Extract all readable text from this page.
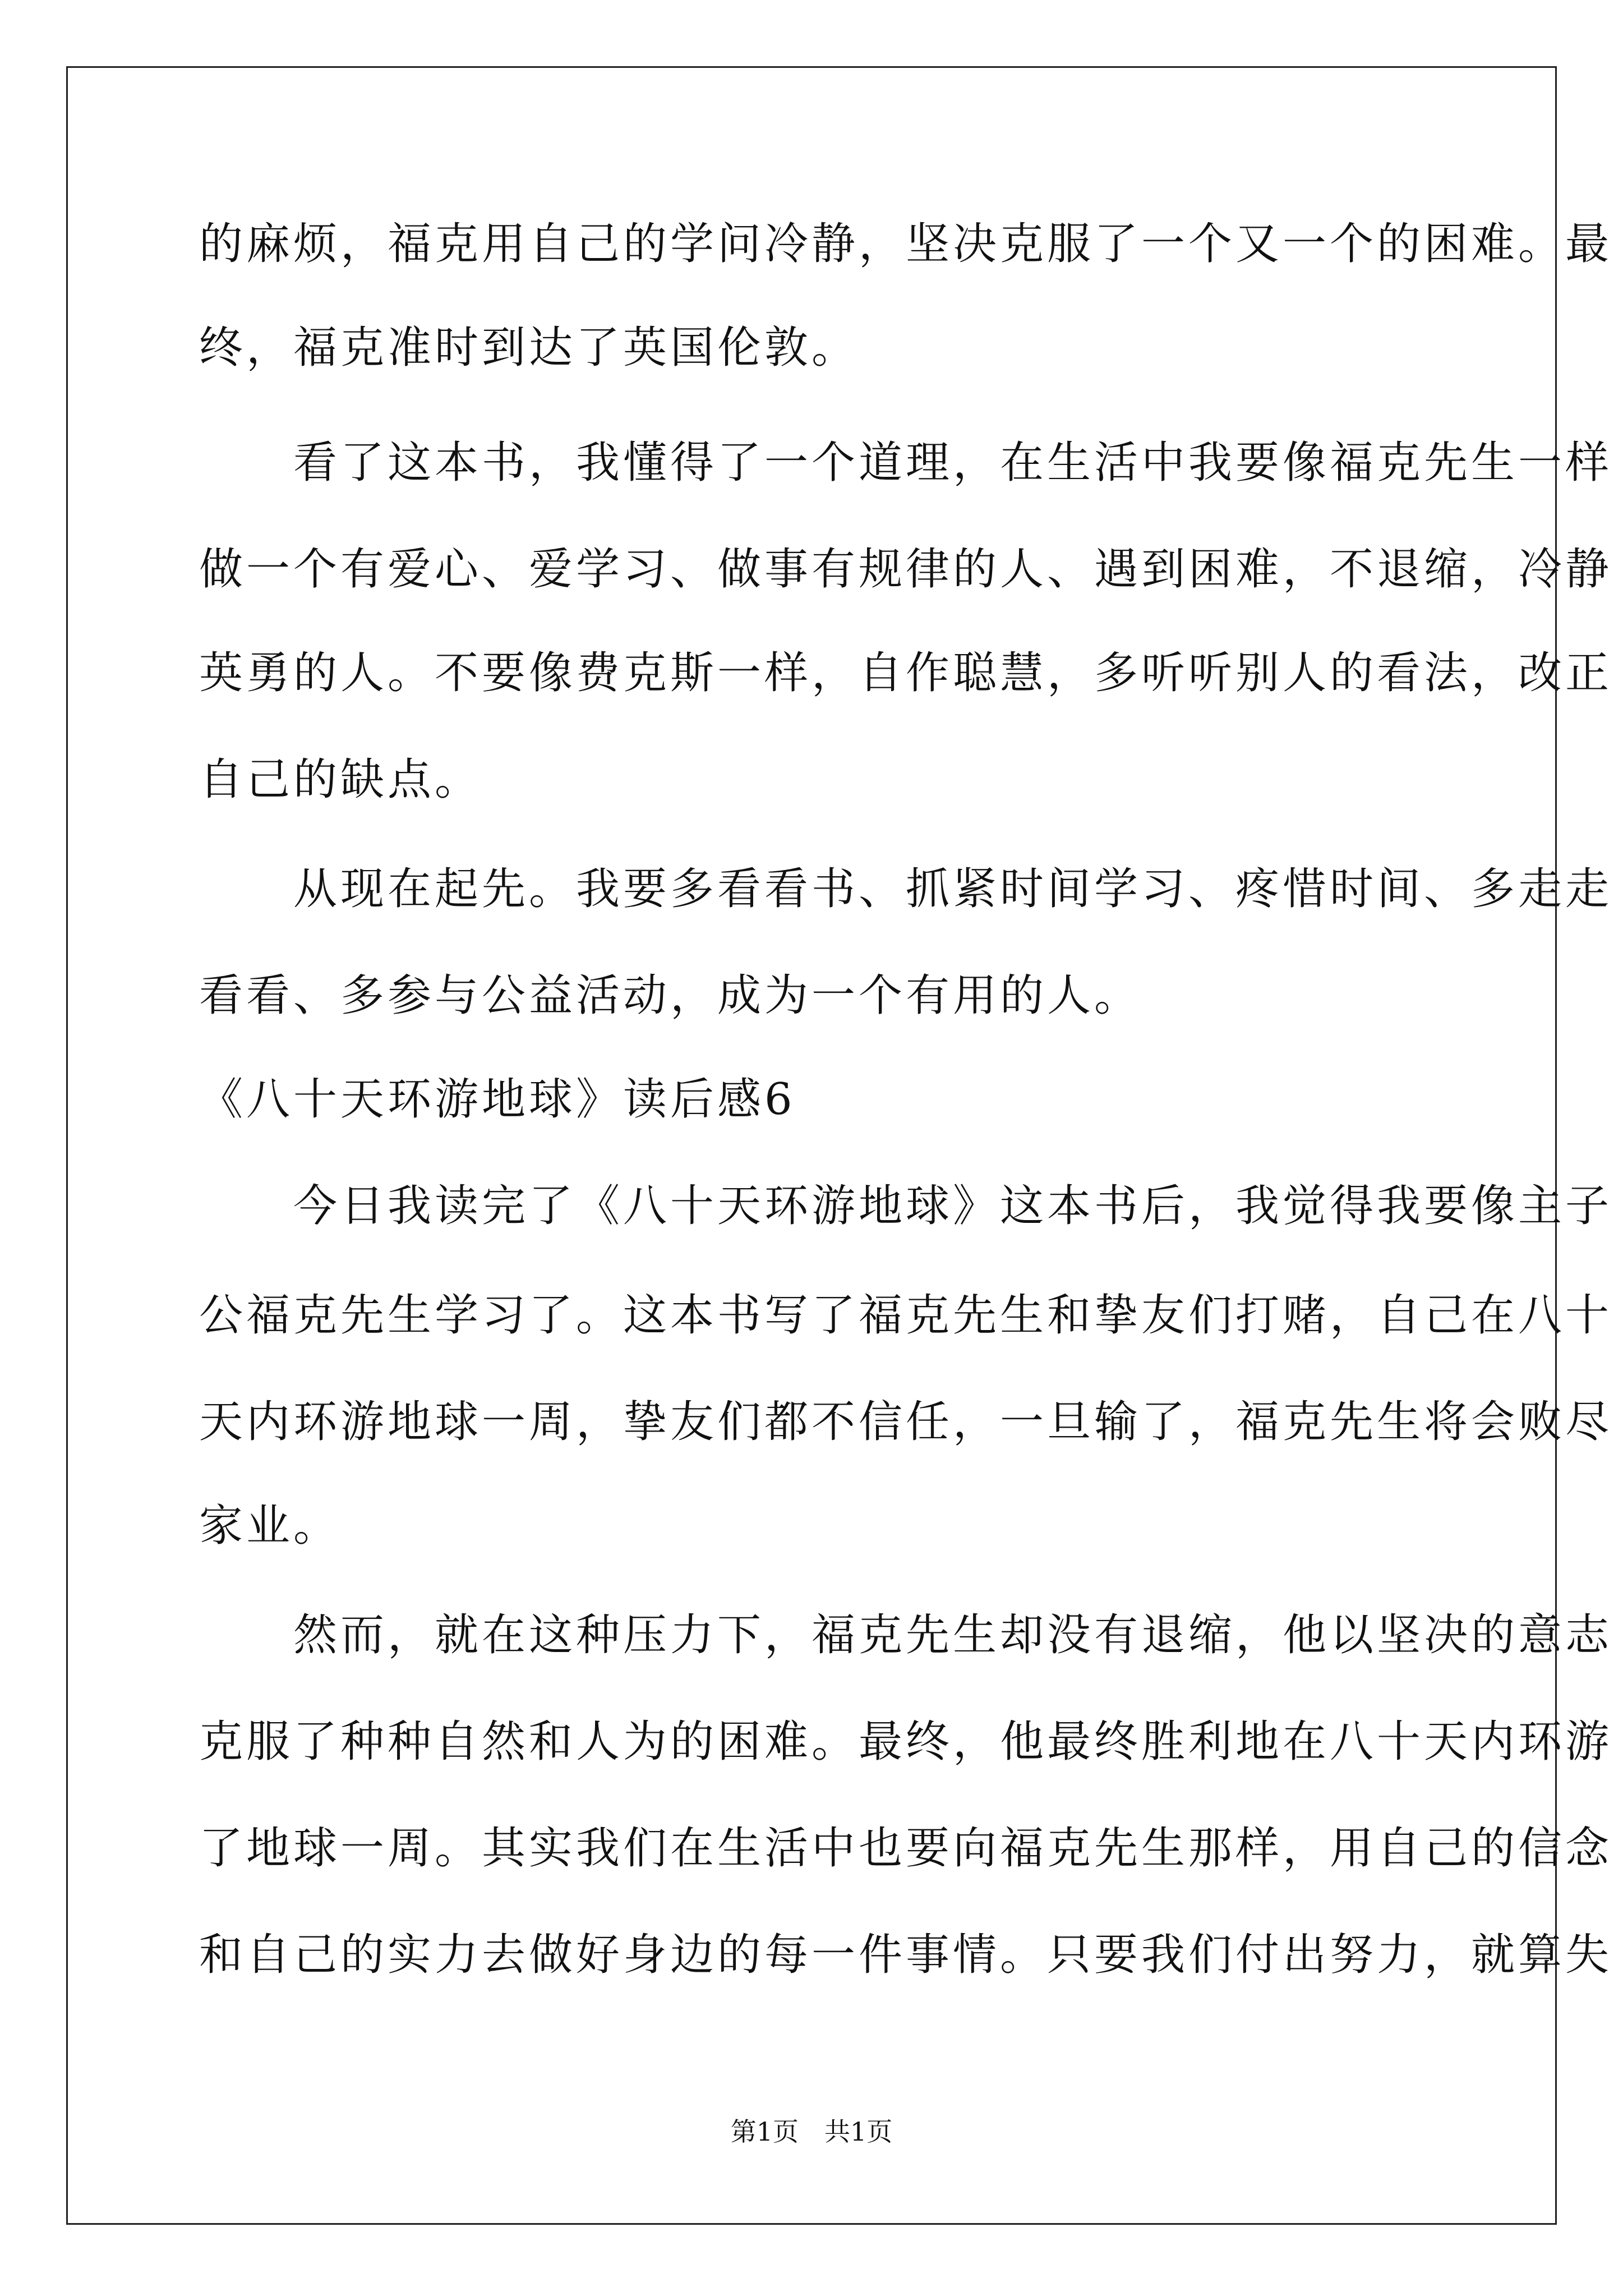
的麻烦，福克用自己的学问冷静，坚决克服了一个又一个的困难。最
终，福克准时到达了英国伦敦。
　　看了这本书，我懂得了一个道理，在生活中我要像福克先生一样
做一个有爱心、爱学习、做事有规律的人、遇到困难，不退缩，冷静
英勇的人。不要像费克斯一样，自作聪慧，多听听别人的看法，改正
自己的缺点。
　　从现在起先。我要多看看书、抓紧时间学习、疼惜时间、多走走
看看、多参与公益活动，成为一个有用的人。
《八十天环游地球》读后感6
　　今日我读完了《八十天环游地球》这本书后，我觉得我要像主子
公福克先生学习了。这本书写了福克先生和挚友们打赌，自己在八十
天内环游地球一周，挚友们都不信任，一旦输了，福克先生将会败尽
家业。
　　然而，就在这种压力下，福克先生却没有退缩，他以坚决的意志
克服了种种自然和人为的困难。最终，他最终胜利地在八十天内环游
了地球一周。其实我们在生活中也要向福克先生那样，用自己的信念
和自己的实力去做好身边的每一件事情。只要我们付出努力，就算失
第1页　共1页
